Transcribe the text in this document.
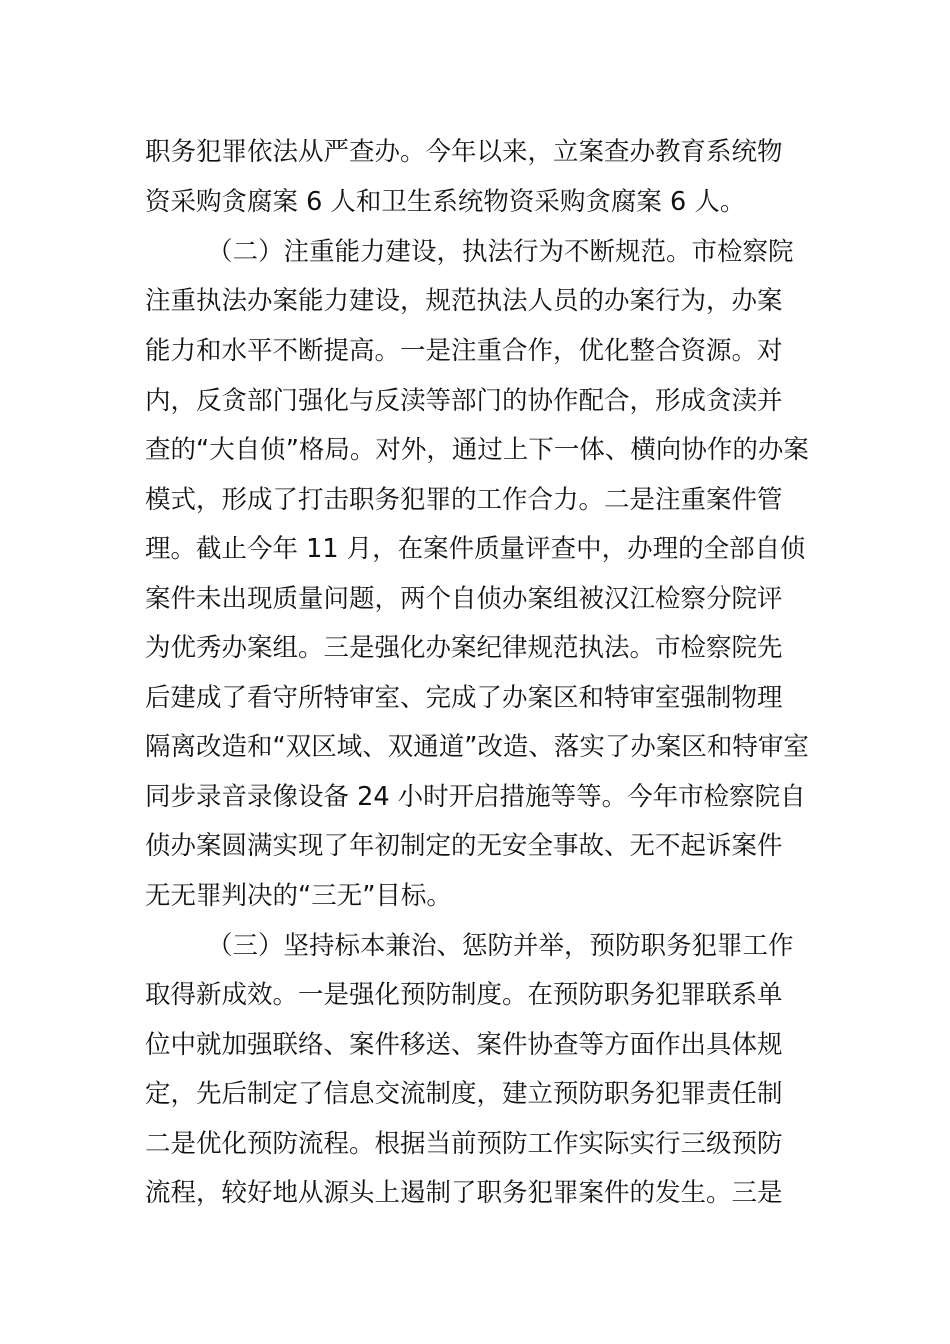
职务犯罪依法从严查办。今年以来，立案查办教育系统物
资采购贪腐案 6 人和卫生系统物资采购贪腐案 6 人。
（二）注重能力建设，执法行为不断规范。市检察院
注重执法办案能力建设，规范执法人员的办案行为，办案
能力和水平不断提高。一是注重合作，优化整合资源。对
内，反贪部门强化与反渎等部门的协作配合，形成贪渎并
查的“大自侦”格局。对外，通过上下一体、横向协作的办案
模式，形成了打击职务犯罪的工作合力。二是注重案件管
理。截止今年 11 月，在案件质量评查中，办理的全部自侦
案件未出现质量问题，两个自侦办案组被汉江检察分院评
为优秀办案组。三是强化办案纪律规范执法。市检察院先
后建成了看守所特审室、完成了办案区和特审室强制物理
隔离改造和“双区域、双通道”改造、落实了办案区和特审室
同步录音录像设备 24 小时开启措施等等。今年市检察院自
侦办案圆满实现了年初制定的无安全事故、无不起诉案件
无无罪判决的“三无”目标。
（三）坚持标本兼治、惩防并举，预防职务犯罪工作
取得新成效。一是强化预防制度。在预防职务犯罪联系单
位中就加强联络、案件移送、案件协查等方面作出具体规
定，先后制定了信息交流制度，建立预防职务犯罪责任制
二是优化预防流程。根据当前预防工作实际实行三级预防
流程，较好地从源头上遏制了职务犯罪案件的发生。三是
